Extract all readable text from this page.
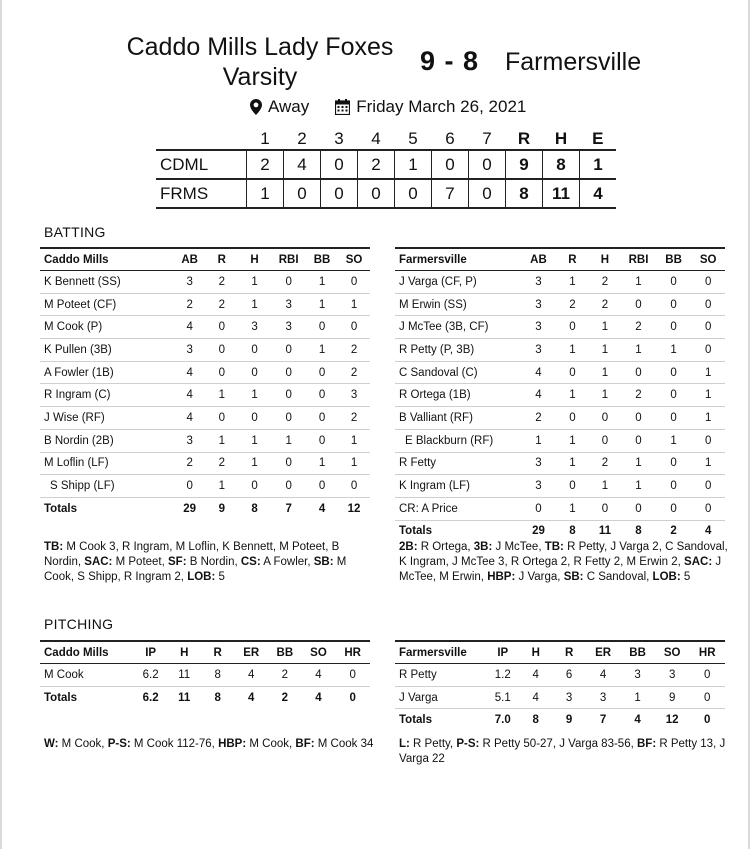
Caddo Mills Lady Foxes Varsity
9 - 8 Farmersville
Away	Friday March 26, 2021
	1	2	3	4	5	6	7	R	H	E
CDML	2	4	0	2	1	0	0	9	8	1
FRMS	1	0	0	0	0	7	0	8	11	4
BATTING
Caddo Mills	AB	R	H	RBI	BB	SO
K Bennett (SS)	3	2	1	0	1	0
M Poteet (CF)	2	2	1	3	1	1
M Cook (P)	4	0	3	3	0	0
K Pullen (3B)	3	0	0	0	1	2
A Fowler (1B)	4	0	0	0	0	2
R Ingram (C)	4	1	1	0	0	3
J Wise (RF)	4	0	0	0	0	2
B Nordin (2B)	3	1	1	1	0	1
M Loflin (LF)	2	2	1	0	1	1
S Shipp (LF)	0	1	0	0	0	0
Totals	29	9	8	7	4	12
Farmersville	AB	R	H	RBI	BB	SO
J Varga (CF, P)	3	1	2	1	0	0
M Erwin (SS)	3	2	2	0	0	0
J McTee (3B, CF)	3	0	1	2	0	0
R Petty (P, 3B)	3	1	1	1	1	0
C Sandoval (C)	4	0	1	0	0	1
R Ortega (1B)	4	1	1	2	0	1
B Valliant (RF)	2	0	0	0	0	1
E Blackburn (RF)	1	1	0	0	1	0
R Fetty	3	1	2	1	0	1
K Ingram (LF)	3	0	1	1	0	0
CR: A Price	0	1	0	0	0	0
Totals	29	8	11	8	2	4
TB: M Cook 3, R Ingram, M Loflin, K Bennett, M Poteet, B Nordin, SAC: M Poteet, SF: B Nordin, CS: A Fowler, SB: M Cook, S Shipp, R Ingram 2, LOB: 5
2B: R Ortega, 3B: J McTee, TB: R Petty, J Varga 2, C Sandoval, K Ingram, J McTee 3, R Ortega 2, R Fetty 2, M Erwin 2, SAC: J McTee, M Erwin, HBP: J Varga, SB: C Sandoval, LOB: 5
PITCHING
Caddo Mills	IP	H	R	ER	BB	SO	HR
M Cook	6.2	11	8	4	2	4	0
Totals	6.2	11	8	4	2	4	0
Farmersville	IP	H	R	ER	BB	SO	HR
R Petty	1.2	4	6	4	3	3	0
J Varga	5.1	4	3	3	1	9	0
Totals	7.0	8	9	7	4	12	0
W: M Cook, P-S: M Cook 112-76, HBP: M Cook, BF: M Cook 34 L: R Petty, P-S: R Petty 50-27, J Varga 83-56, BF: R Petty 13, J Varga 22
